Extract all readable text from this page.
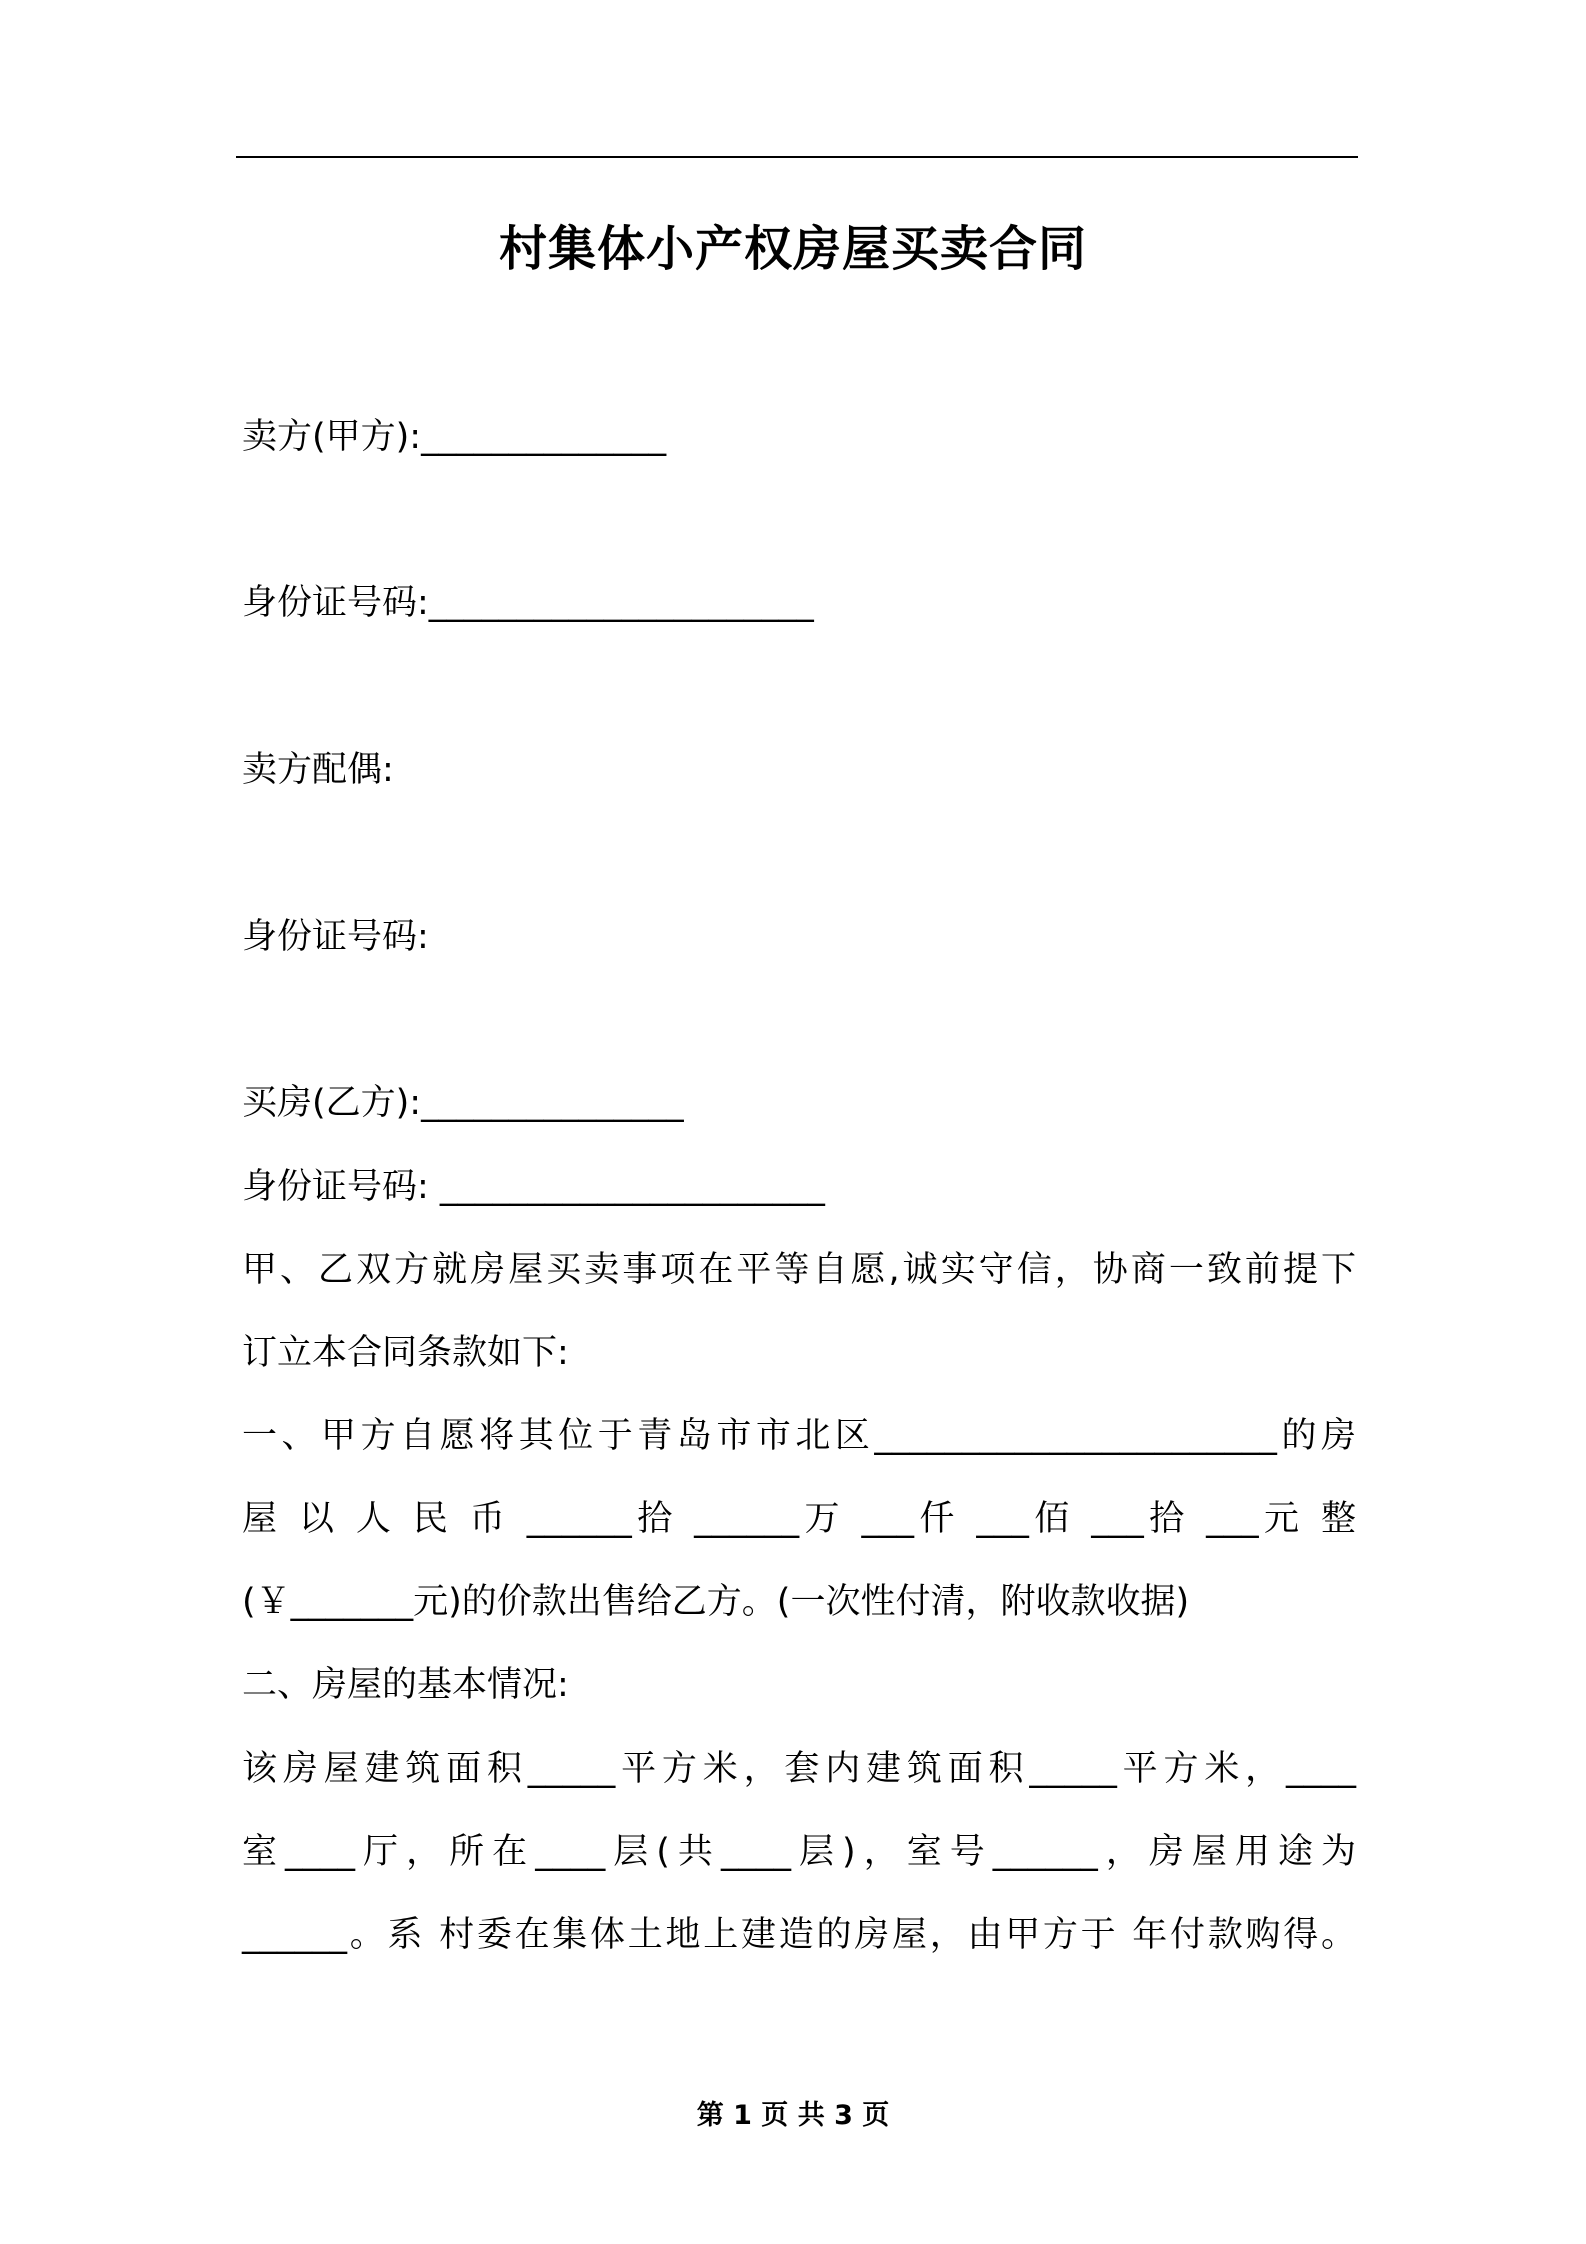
村集体小产权房屋买卖合同
卖方(甲方):______________
身份证号码:______________________
卖方配偶:
身份证号码:
买房(乙方):_______________
身份证号码: ______________________
甲、乙双方就房屋买卖事项在平等自愿,诚实守信，协商一致前提下
订立本合同条款如下:
一、甲方自愿将其位于青岛市市北区_______________________的房
屋 以 人 民 币 ______拾 ______万 ___仟 ___佰 ___拾 ___元 整
(￥_______元)的价款出售给乙方。(一次性付清，附收款收据)
二、房屋的基本情况:
该房屋建筑面积_____平方米，套内建筑面积_____平方米，____
室____厅，所在____层(共____层)，室号______，房屋用途为
______。系 村委在集体土地上建造的房屋，由甲方于 年付款购得。
第 1 页 共 3 页
